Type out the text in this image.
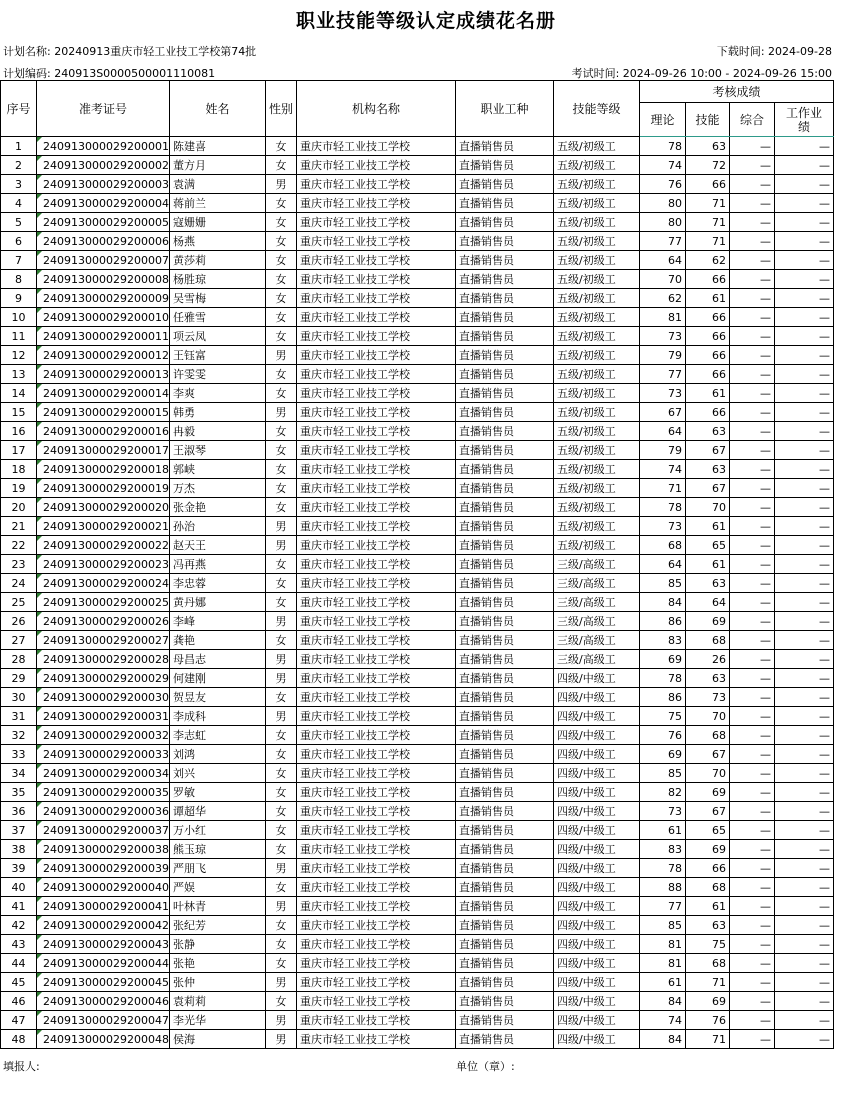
职业技能等级认定成绩花名册
计划名称: 20240913重庆市轻工业技工学校第74批	下载时间: 2024-09-28
计划编码: 240913S0000500001110081	考试时间: 2024-09-26 10:00 - 2024-09-26 15:00
序号	准考证号	姓名	性别	机构名称	职业工种	技能等级	考核成绩			
							理论	技能	综合	工作业绩
1	240913000029200001	陈建喜	女	重庆市轻工业技工学校	直播销售员	五级/初级工	78	63	—	—
2	240913000029200002	董方月	女	重庆市轻工业技工学校	直播销售员	五级/初级工	74	72	—	—
3	240913000029200003	袁满	男	重庆市轻工业技工学校	直播销售员	五级/初级工	76	66	—	—
4	240913000029200004	蒋前兰	女	重庆市轻工业技工学校	直播销售员	五级/初级工	80	71	—	—
5	240913000029200005	寇姗姗	女	重庆市轻工业技工学校	直播销售员	五级/初级工	80	71	—	—
6	240913000029200006	杨燕	女	重庆市轻工业技工学校	直播销售员	五级/初级工	77	71	—	—
7	240913000029200007	黄莎莉	女	重庆市轻工业技工学校	直播销售员	五级/初级工	64	62	—	—
8	240913000029200008	杨胜琼	女	重庆市轻工业技工学校	直播销售员	五级/初级工	70	66	—	—
9	240913000029200009	吴雪梅	女	重庆市轻工业技工学校	直播销售员	五级/初级工	62	61	—	—
10	240913000029200010	任雅雪	女	重庆市轻工业技工学校	直播销售员	五级/初级工	81	66	—	—
11	240913000029200011	项云凤	女	重庆市轻工业技工学校	直播销售员	五级/初级工	73	66	—	—
12	240913000029200012	王钰富	男	重庆市轻工业技工学校	直播销售员	五级/初级工	79	66	—	—
13	240913000029200013	许雯雯	女	重庆市轻工业技工学校	直播销售员	五级/初级工	77	66	—	—
14	240913000029200014	李爽	女	重庆市轻工业技工学校	直播销售员	五级/初级工	73	61	—	—
15	240913000029200015	韩勇	男	重庆市轻工业技工学校	直播销售员	五级/初级工	67	66	—	—
16	240913000029200016	冉毅	女	重庆市轻工业技工学校	直播销售员	五级/初级工	64	63	—	—
17	240913000029200017	王淑琴	女	重庆市轻工业技工学校	直播销售员	五级/初级工	79	67	—	—
18	240913000029200018	郭峡	女	重庆市轻工业技工学校	直播销售员	五级/初级工	74	63	—	—
19	240913000029200019	万杰	女	重庆市轻工业技工学校	直播销售员	五级/初级工	71	67	—	—
20	240913000029200020	张金艳	女	重庆市轻工业技工学校	直播销售员	五级/初级工	78	70	—	—
21	240913000029200021	孙治	男	重庆市轻工业技工学校	直播销售员	五级/初级工	73	61	—	—
22	240913000029200022	赵天王	男	重庆市轻工业技工学校	直播销售员	五级/初级工	68	65	—	—
23	240913000029200023	冯再燕	女	重庆市轻工业技工学校	直播销售员	三级/高级工	64	61	—	—
24	240913000029200024	李忠蓉	女	重庆市轻工业技工学校	直播销售员	三级/高级工	85	63	—	—
25	240913000029200025	黄丹娜	女	重庆市轻工业技工学校	直播销售员	三级/高级工	84	64	—	—
26	240913000029200026	李峰	男	重庆市轻工业技工学校	直播销售员	三级/高级工	86	69	—	—
27	240913000029200027	龚艳	女	重庆市轻工业技工学校	直播销售员	三级/高级工	83	68	—	—
28	240913000029200028	母昌志	男	重庆市轻工业技工学校	直播销售员	三级/高级工	69	26	—	—
29	240913000029200029	何建刚	男	重庆市轻工业技工学校	直播销售员	四级/中级工	78	63	—	—
30	240913000029200030	贺昱友	女	重庆市轻工业技工学校	直播销售员	四级/中级工	86	73	—	—
31	240913000029200031	李成科	男	重庆市轻工业技工学校	直播销售员	四级/中级工	75	70	—	—
32	240913000029200032	李志虹	女	重庆市轻工业技工学校	直播销售员	四级/中级工	76	68	—	—
33	240913000029200033	刘鸿	女	重庆市轻工业技工学校	直播销售员	四级/中级工	69	67	—	—
34	240913000029200034	刘兴	女	重庆市轻工业技工学校	直播销售员	四级/中级工	85	70	—	—
35	240913000029200035	罗敏	女	重庆市轻工业技工学校	直播销售员	四级/中级工	82	69	—	—
36	240913000029200036	谭超华	女	重庆市轻工业技工学校	直播销售员	四级/中级工	73	67	—	—
37	240913000029200037	万小红	女	重庆市轻工业技工学校	直播销售员	四级/中级工	61	65	—	—
38	240913000029200038	熊玉琼	女	重庆市轻工业技工学校	直播销售员	四级/中级工	83	69	—	—
39	240913000029200039	严朋飞	男	重庆市轻工业技工学校	直播销售员	四级/中级工	78	66	—	—
40	240913000029200040	严娱	女	重庆市轻工业技工学校	直播销售员	四级/中级工	88	68	—	—
41	240913000029200041	叶林青	男	重庆市轻工业技工学校	直播销售员	四级/中级工	77	61	—	—
42	240913000029200042	张纪芳	女	重庆市轻工业技工学校	直播销售员	四级/中级工	85	63	—	—
43	240913000029200043	张静	女	重庆市轻工业技工学校	直播销售员	四级/中级工	81	75	—	—
44	240913000029200044	张艳	女	重庆市轻工业技工学校	直播销售员	四级/中级工	81	68	—	—
45	240913000029200045	张仲	男	重庆市轻工业技工学校	直播销售员	四级/中级工	61	71	—	—
46	240913000029200046	袁莉莉	女	重庆市轻工业技工学校	直播销售员	四级/中级工	84	69	—	—
47	240913000029200047	李光华	男	重庆市轻工业技工学校	直播销售员	四级/中级工	74	76	—	—
48	240913000029200048	侯海	男	重庆市轻工业技工学校	直播销售员	四级/中级工	84	71	—	—
填报人:	单位（章）:
